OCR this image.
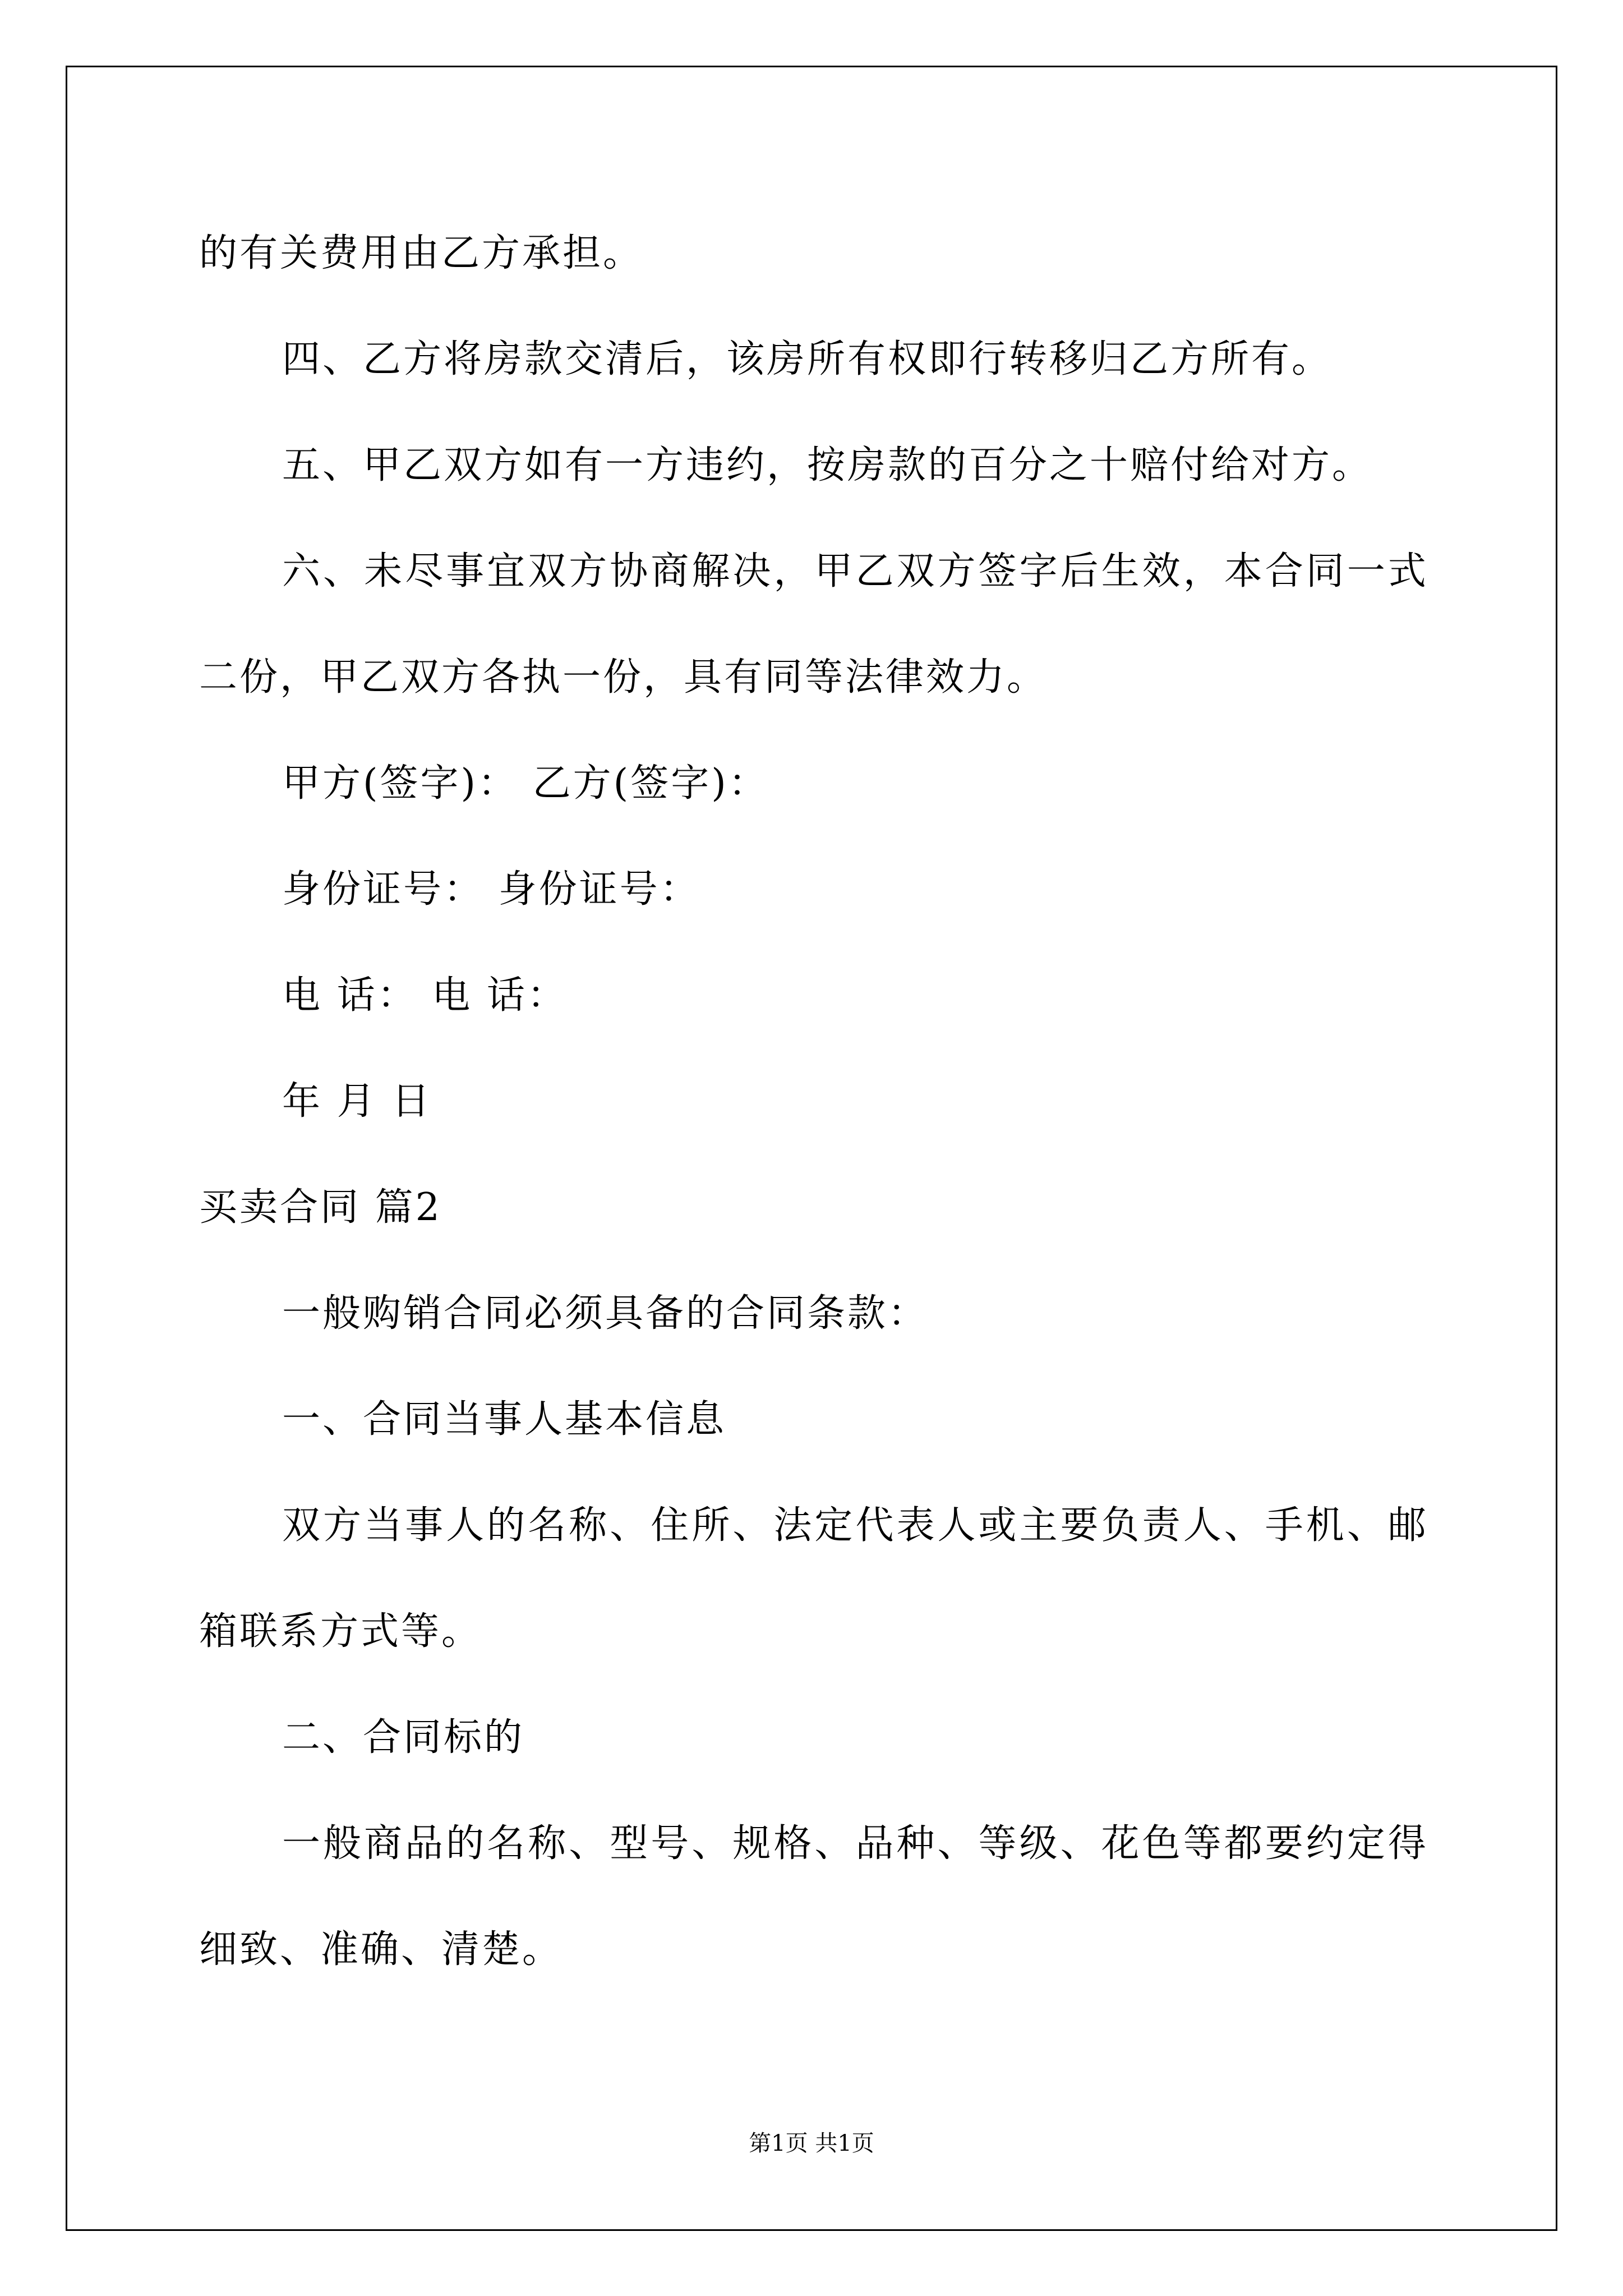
的有关费用由乙方承担。
四、乙方将房款交清后，该房所有权即行转移归乙方所有。
五、甲乙双方如有一方违约，按房款的百分之十赔付给对方。
六 、 未 尽 事 宜 双 方 协 商 解 决 ， 甲 乙 双 方 签 字 后 生 效 ， 本 合 同 一 式
二份，甲乙双方各执一份，具有同等法律效力。
甲方(签字)： 乙方(签字)：
身份证号： 身份证号：
电 话： 电 话：
年 月 日
买卖合同 篇2
一般购销合同必须具备的合同条款：
一、合同当事人基本信息
双 方 当 事 人 的 名 称 、 住 所 、 法 定 代 表 人 或 主 要 负 责 人 、 手 机 、 邮
箱联系方式等。
二、合同标的
一 般 商 品 的 名 称 、 型 号 、 规 格 、 品 种 、 等 级 、 花 色 等 都 要 约 定 得
细致、准确、清楚。
第1页 共1页
